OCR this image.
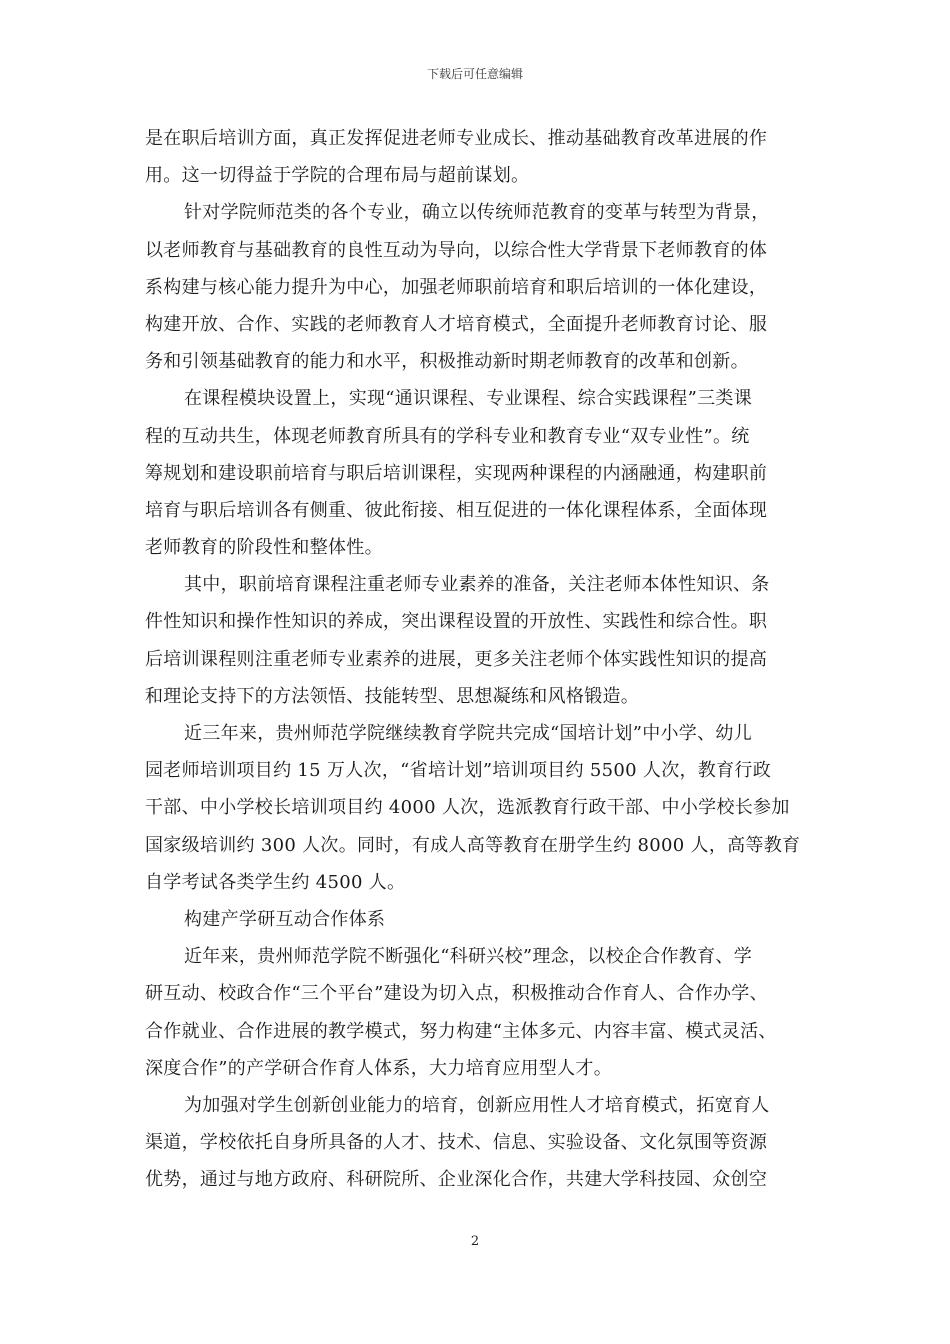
下载后可任意编辑
是在职后培训方面，真正发挥促进老师专业成长、推动基础教育改革进展的作
用。这一切得益于学院的合理布局与超前谋划。
针对学院师范类的各个专业，确立以传统师范教育的变革与转型为背景，
以老师教育与基础教育的良性互动为导向，以综合性大学背景下老师教育的体
系构建与核心能力提升为中心，加强老师职前培育和职后培训的一体化建设，
构建开放、合作、实践的老师教育人才培育模式，全面提升老师教育讨论、服
务和引领基础教育的能力和水平，积极推动新时期老师教育的改革和创新。
在课程模块设置上，实现“通识课程、专业课程、综合实践课程”三类课
程的互动共生，体现老师教育所具有的学科专业和教育专业“双专业性”。统
筹规划和建设职前培育与职后培训课程，实现两种课程的内涵融通，构建职前
培育与职后培训各有侧重、彼此衔接、相互促进的一体化课程体系，全面体现
老师教育的阶段性和整体性。
其中，职前培育课程注重老师专业素养的准备，关注老师本体性知识、条
件性知识和操作性知识的养成，突出课程设置的开放性、实践性和综合性。职
后培训课程则注重老师专业素养的进展，更多关注老师个体实践性知识的提高
和理论支持下的方法领悟、技能转型、思想凝练和风格锻造。
近三年来，贵州师范学院继续教育学院共完成“国培计划”中小学、幼儿
园老师培训项目约 15 万人次，“省培计划”培训项目约 5500 人次，教育行政
干部、中小学校长培训项目约 4000 人次，选派教育行政干部、中小学校长参加
国家级培训约 300 人次。同时，有成人高等教育在册学生约 8000 人，高等教育
自学考试各类学生约 4500 人。
构建产学研互动合作体系
近年来，贵州师范学院不断强化“科研兴校”理念，以校企合作教育、学
研互动、校政合作“三个平台”建设为切入点，积极推动合作育人、合作办学、
合作就业、合作进展的教学模式，努力构建“主体多元、内容丰富、模式灵活、
深度合作”的产学研合作育人体系，大力培育应用型人才。
为加强对学生创新创业能力的培育，创新应用性人才培育模式，拓宽育人
渠道，学校依托自身所具备的人才、技术、信息、实验设备、文化氛围等资源
优势，通过与地方政府、科研院所、企业深化合作，共建大学科技园、众创空
2
